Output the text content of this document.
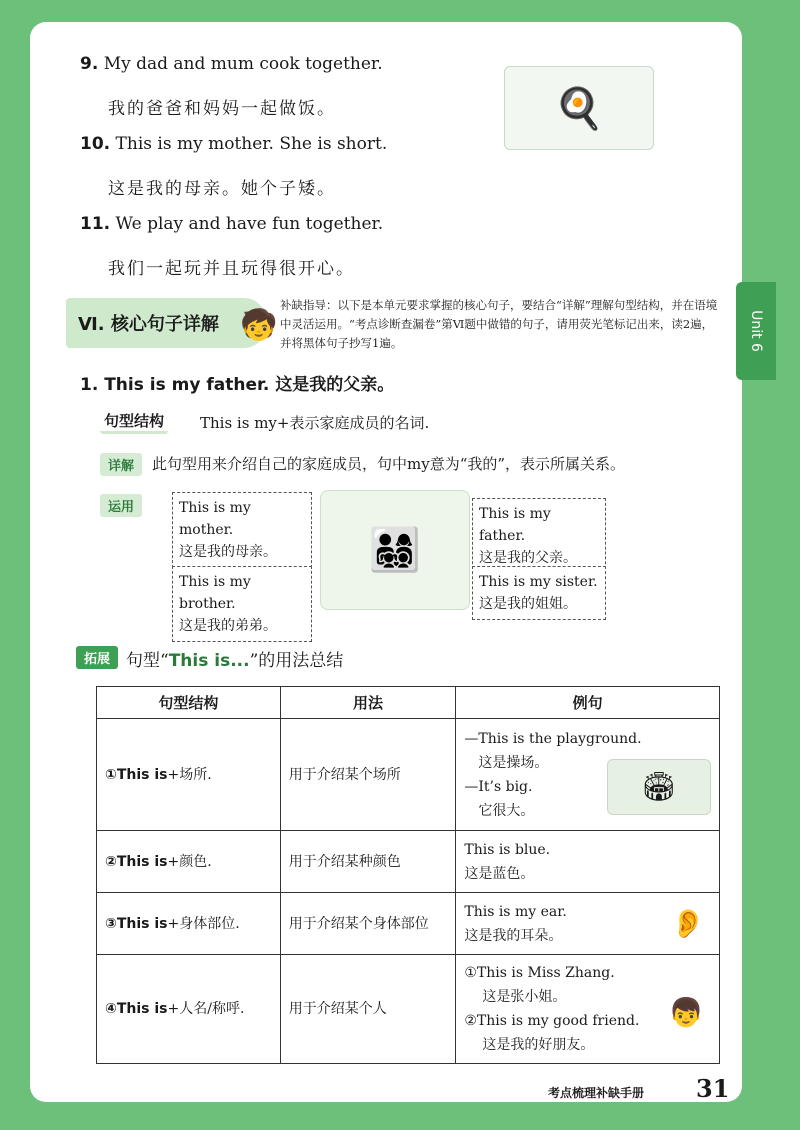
Unit 6
9. My dad and mum cook together.
我的爸爸和妈妈一起做饭。	🍳
10. This is my mother. She is short.
这是我的母亲。她个子矮。
11. We play and have fun together.
我们一起玩并且玩得很开心。
Ⅵ. 核心句子详解 🧒
补缺指导：以下是本单元要求掌握的核心句子，要结合“详解”理解句型结构，并在语境中灵活运用。“考点诊断查漏卷”第Ⅵ题中做错的句子，请用荧光笔标记出来，读2遍，并将黑体句子抄写1遍。
1. This is my father. 这是我的父亲。
句型结构 This is my+表示家庭成员的名词.
详解	此句型用来介绍自己的家庭成员，句中my意为“我的”，表示所属关系。
运用	This is my mother.
这是我的母亲。
This is my father.
这是我的父亲。
This is my brother.
这是我的弟弟。
This is my sister.
这是我的姐姐。
👨‍👩‍👧‍👦
拓展 句型“This is...”的用法总结
句型结构	用法	例句
①This is+场所.	用于介绍某个场所	—This is the playground.
这是操场。
—It’s big.
它很大。
🏟

②This is+颜色.	用于介绍某种颜色	This is blue.
这是蓝色。

③This is+身体部位.	用于介绍某个身体部位	This is my ear.
这是我的耳朵。 👂

④This is+人名/称呼.	用于介绍某个人	①This is Miss Zhang.
这是张小姐。
②This is my good friend.
这是我的好朋友。
👦
考点梳理补缺手册 31
